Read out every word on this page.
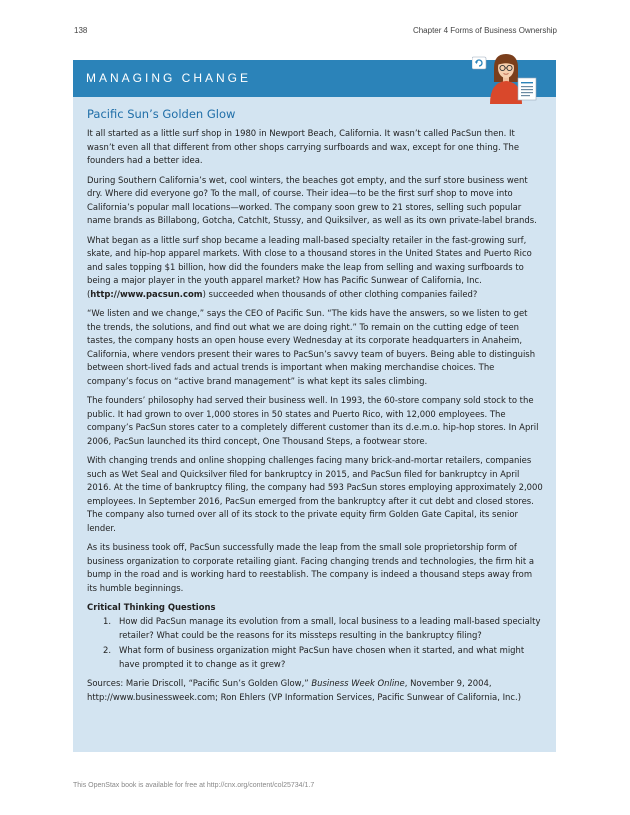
138	Chapter 4 Forms of Business Ownership
MANAGING CHANGE
Pacific Sun’s Golden Glow

It all started as a little surf shop in 1980 in Newport Beach, California. It wasn’t called PacSun then. It wasn’t even all that different from other shops carrying surfboards and wax, except for one thing. The founders had a better idea.

During Southern California’s wet, cool winters, the beaches got empty, and the surf store business went dry. Where did everyone go? To the mall, of course. Their idea—to be the first surf shop to move into California’s popular mall locations—worked. The company soon grew to 21 stores, selling such popular name brands as Billabong, Gotcha, CatchIt, Stussy, and Quiksilver, as well as its own private-label brands.

What began as a little surf shop became a leading mall-based specialty retailer in the fast-growing surf, skate, and hip-hop apparel markets. With close to a thousand stores in the United States and Puerto Rico and sales topping $1 billion, how did the founders make the leap from selling and waxing surfboards to being a major player in the youth apparel market? How has Pacific Sunwear of California, Inc. (http://www.pacsun.com) succeeded when thousands of other clothing companies failed?

“We listen and we change,” says the CEO of Pacific Sun. “The kids have the answers, so we listen to get the trends, the solutions, and find out what we are doing right.” To remain on the cutting edge of teen tastes, the company hosts an open house every Wednesday at its corporate headquarters in Anaheim, California, where vendors present their wares to PacSun’s savvy team of buyers. Being able to distinguish between short-lived fads and actual trends is important when making merchandise choices. The company’s focus on “active brand management” is what kept its sales climbing.

The founders’ philosophy had served their business well. In 1993, the 60-store company sold stock to the public. It had grown to over 1,000 stores in 50 states and Puerto Rico, with 12,000 employees. The company’s PacSun stores cater to a completely different customer than its d.e.m.o. hip-hop stores. In April 2006, PacSun launched its third concept, One Thousand Steps, a footwear store.

With changing trends and online shopping challenges facing many brick-and-mortar retailers, companies such as Wet Seal and Quicksilver filed for bankruptcy in 2015, and PacSun filed for bankruptcy in April 2016. At the time of bankruptcy filing, the company had 593 PacSun stores employing approximately 2,000 employees. In September 2016, PacSun emerged from the bankruptcy after it cut debt and closed stores. The company also turned over all of its stock to the private equity firm Golden Gate Capital, its senior lender.

As its business took off, PacSun successfully made the leap from the small sole proprietorship form of business organization to corporate retailing giant. Facing changing trends and technologies, the firm hit a bump in the road and is working hard to reestablish. The company is indeed a thousand steps away from its humble beginnings.

Critical Thinking Questions
1. How did PacSun manage its evolution from a small, local business to a leading mall-based specialty retailer? What could be the reasons for its missteps resulting in the bankruptcy filing?
2. What form of business organization might PacSun have chosen when it started, and what might have prompted it to change as it grew?

Sources: Marie Driscoll, “Pacific Sun’s Golden Glow,” Business Week Online, November 9, 2004, http://www.businessweek.com; Ron Ehlers (VP Information Services, Pacific Sunwear of California, Inc.)

This OpenStax book is available for free at http://cnx.org/content/col25734/1.7
